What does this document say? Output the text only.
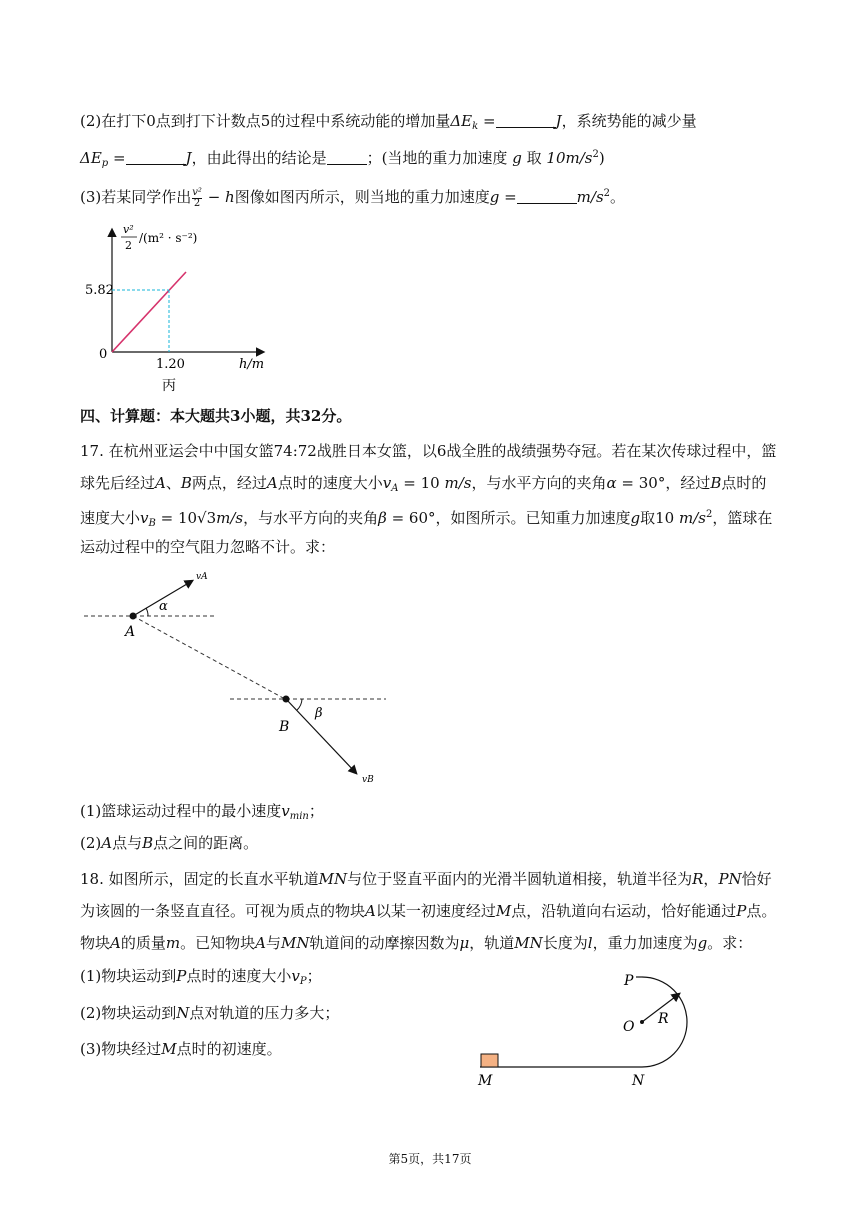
(2)在打下0点到打下计数点5的过程中系统动能的增加量$\Delta E_k$ =	J，系统势能的减少量
$\Delta E_p$ =	J，由此得出的结论是	；(当地的重力加速度 g 取 $10m/s^2$)
(3)若某同学作出 $\frac{\text{v²}}{2} - h$图像如图丙所示，则当地的重力加速度g =	$m/s^2$。
v²
2
/(m² · s⁻²)
5.82
0
1.20	h/m
丙
四、计算题：本大题共3小题，共32分。
17. 在杭州亚运会中中国女篮74:72战胜日本女篮，以6战全胜的战绩强势夺冠。若在某次传球过程中，篮
球先后经过A、B两点，经过A点时的速度大小$v_A = 10$ m/s，与水平方向的夹角α = 30°，经过B点时的
速度大小$v_B = 10√3m/s$，与水平方向的夹角β = 60°，如图所示。已知重力加速度g取10 $m/s^2$，篮球在
运动过程中的空气阻力忽略不计。求：
vA
α
A
β
B
vB
(1)篮球运动过程中的最小速度$v_{min}$；
(2)A点与B点之间的距离。
18. 如图所示，固定的长直水平轨道MN与位于竖直平面内的光滑半圆轨道相接，轨道半径为R，PN恰好
为该圆的一条竖直直径。可视为质点的物块A以某一初速度经过M点，沿轨道向右运动，恰好能通过P点。
物块A的质量m。已知物块A与MN轨道间的动摩擦因数为μ，轨道MN长度为l，重力加速度为g。求：
(1)物块运动到P点时的速度大小$v_P$；
(2)物块运动到N点对轨道的压力多大；
(3)物块经过M点时的初速度。
P
O R
M	N
第5页，共17页
